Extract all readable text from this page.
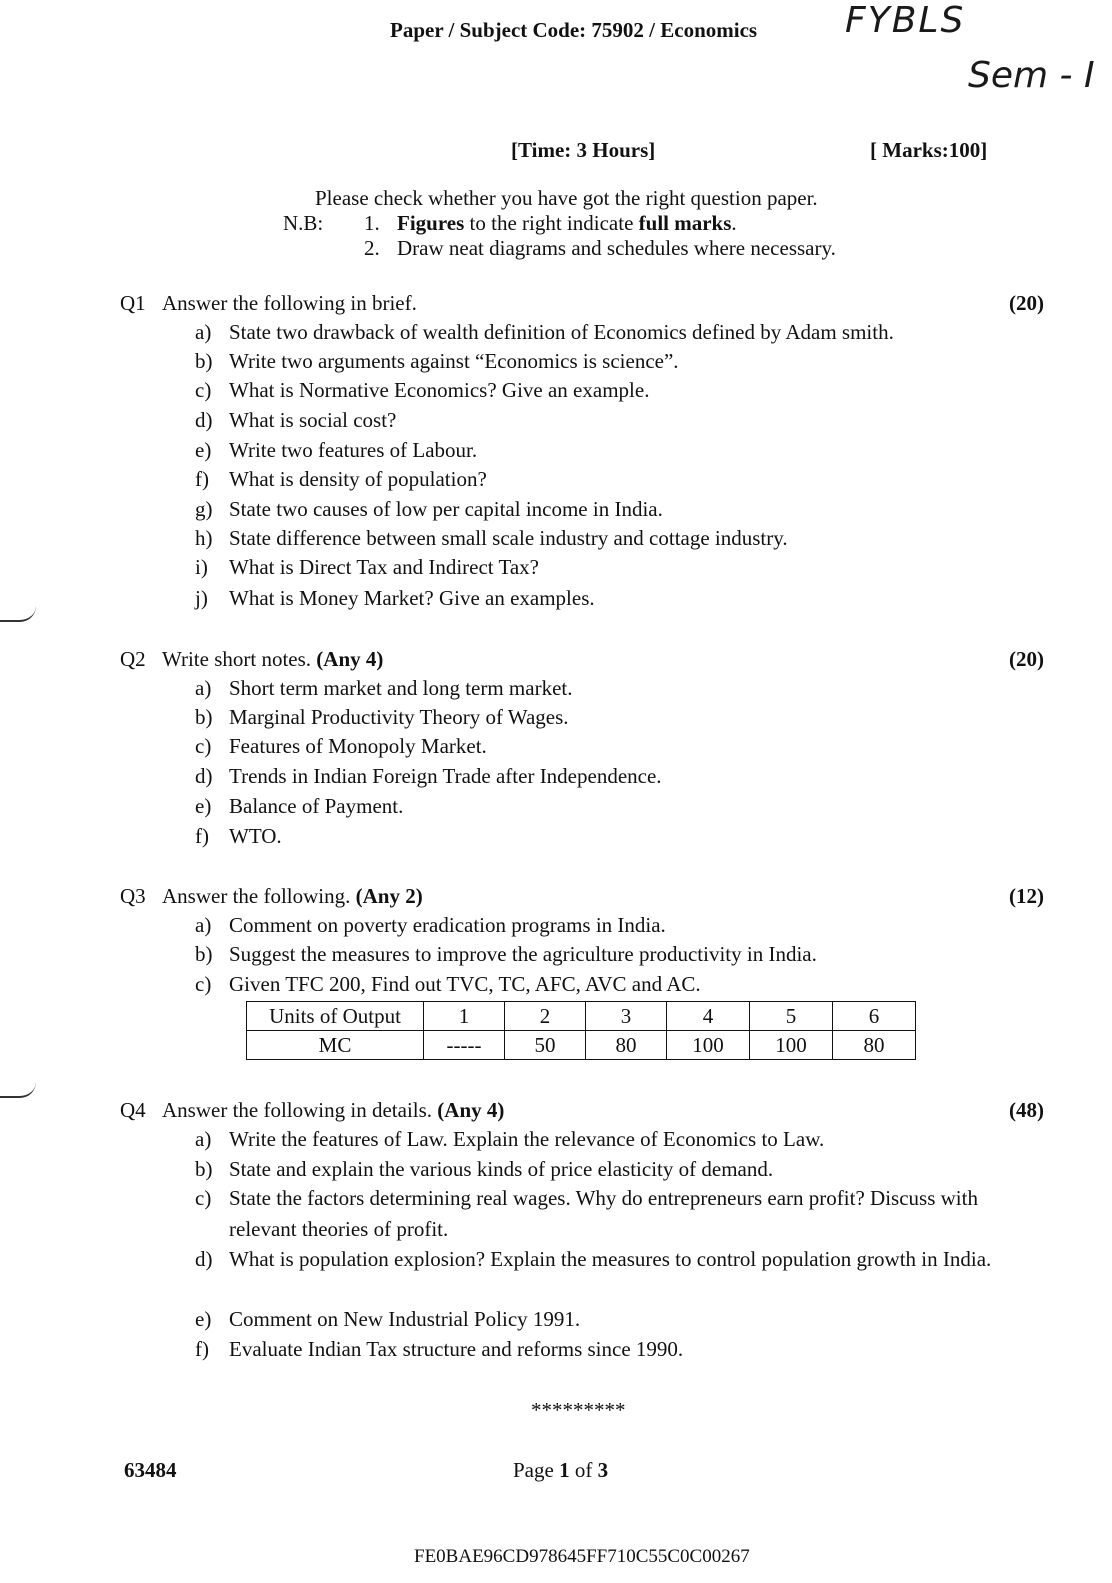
Paper / Subject Code: 75902 / Economics FYBLS
Sem - I
[Time: 3 Hours]	[ Marks:100]
Please check whether you have got the right question paper.
N.B: 1. Figures to the right indicate full marks.
2. Draw neat diagrams and schedules where necessary.
Q1 Answer the following in brief.	(20)
a) State two drawback of wealth definition of Economics defined by Adam smith.
b) Write two arguments against “Economics is science”.
c) What is Normative Economics? Give an example.
d) What is social cost?
e) Write two features of Labour.
f) What is density of population?
g) State two causes of low per capital income in India.
h) State difference between small scale industry and cottage industry.
i) What is Direct Tax and Indirect Tax?
j) What is Money Market? Give an examples.
Q2 Write short notes. (Any 4)	(20)
a) Short term market and long term market.
b) Marginal Productivity Theory of Wages.
c) Features of Monopoly Market.
d) Trends in Indian Foreign Trade after Independence.
e) Balance of Payment.
f) WTO.
Q3 Answer the following. (Any 2)	(12)
a) Comment on poverty eradication programs in India.
b) Suggest the measures to improve the agriculture productivity in India.
c) Given TFC 200, Find out TVC, TC, AFC, AVC and AC.
Units of Output	1	2	3	4	5	6
MC	-----	50	80	100	100	80
Q4 Answer the following in details. (Any 4)	(48)
a) Write the features of Law. Explain the relevance of Economics to Law.
b) State and explain the various kinds of price elasticity of demand.
c) State the factors determining real wages. Why do entrepreneurs earn profit? Discuss with relevant theories of profit.
d) What is population explosion? Explain the measures to control population growth in India.
e) Comment on New Industrial Policy 1991.
f) Evaluate Indian Tax structure and reforms since 1990.
*********
63484	Page 1 of 3
FE0BAE96CD978645FF710C55C0C00267
